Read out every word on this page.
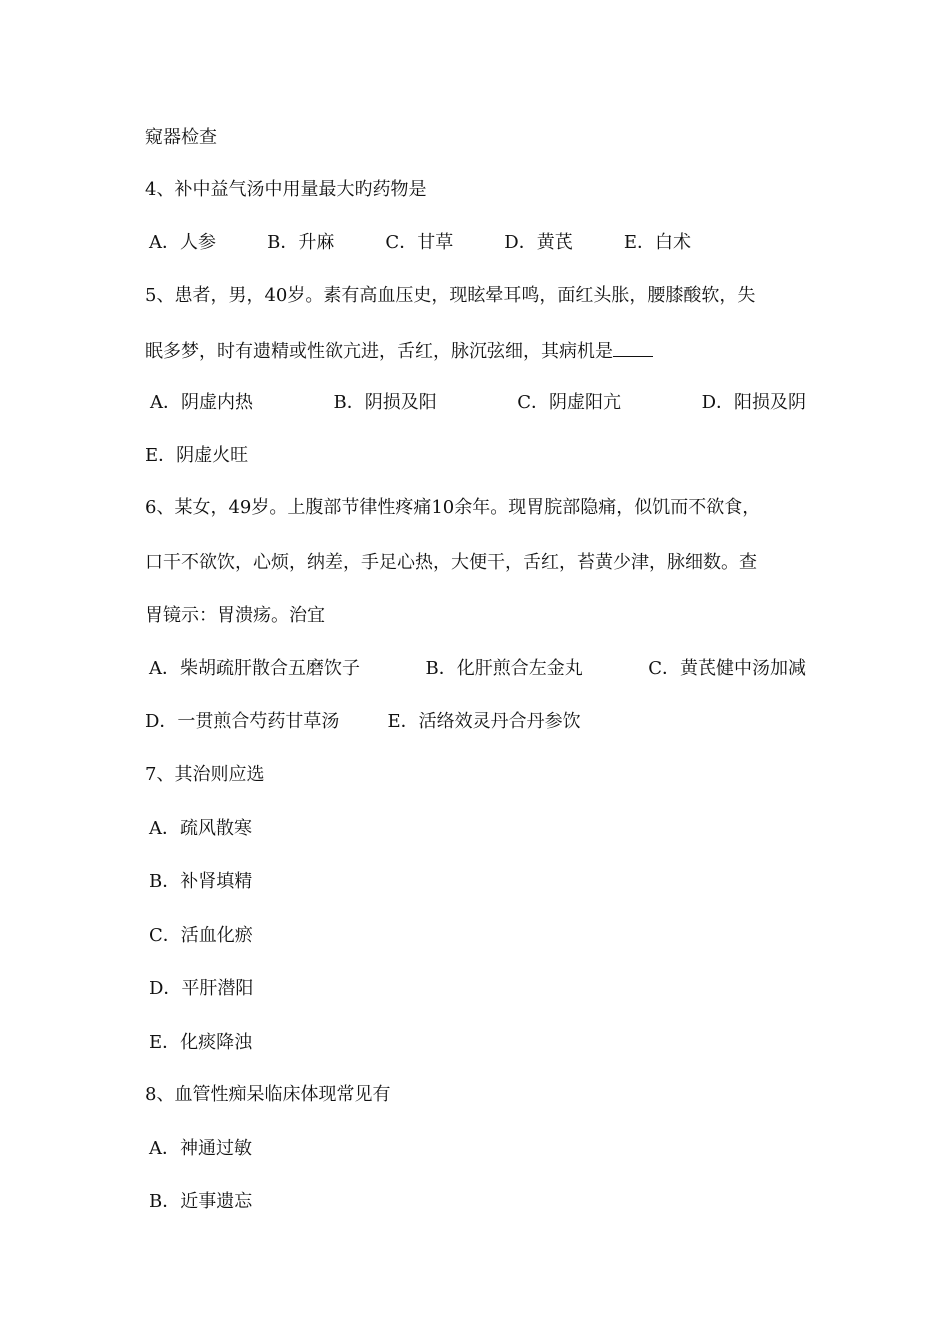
窥器检查
4、补中益气汤中用量最大旳药物是
A．人参	B．升麻	C．甘草	D．黄芪	E．白术
5、患者，男，40岁。素有高血压史，现眩晕耳鸣，面红头胀，腰膝酸软，失
眠多梦，时有遗精或性欲亢进，舌红，脉沉弦细，其病机是
A．阴虚内热	B．阴损及阳	C．阴虚阳亢	D．阳损及阴
E．阴虚火旺
6、某女，49岁。上腹部节律性疼痛10余年。现胃脘部隐痛，似饥而不欲食，
口干不欲饮，心烦，纳差，手足心热，大便干，舌红，苔黄少津，脉细数。查
胃镜示：胃溃疡。治宜
A．柴胡疏肝散合五磨饮子	B．化肝煎合左金丸	C．黄芪健中汤加减
D．一贯煎合芍药甘草汤	E．活络效灵丹合丹参饮
7、其治则应选
A．疏风散寒
B．补肾填精
C．活血化瘀
D．平肝潜阳
E．化痰降浊
8、血管性痴呆临床体现常见有
A．神通过敏
B．近事遗忘
